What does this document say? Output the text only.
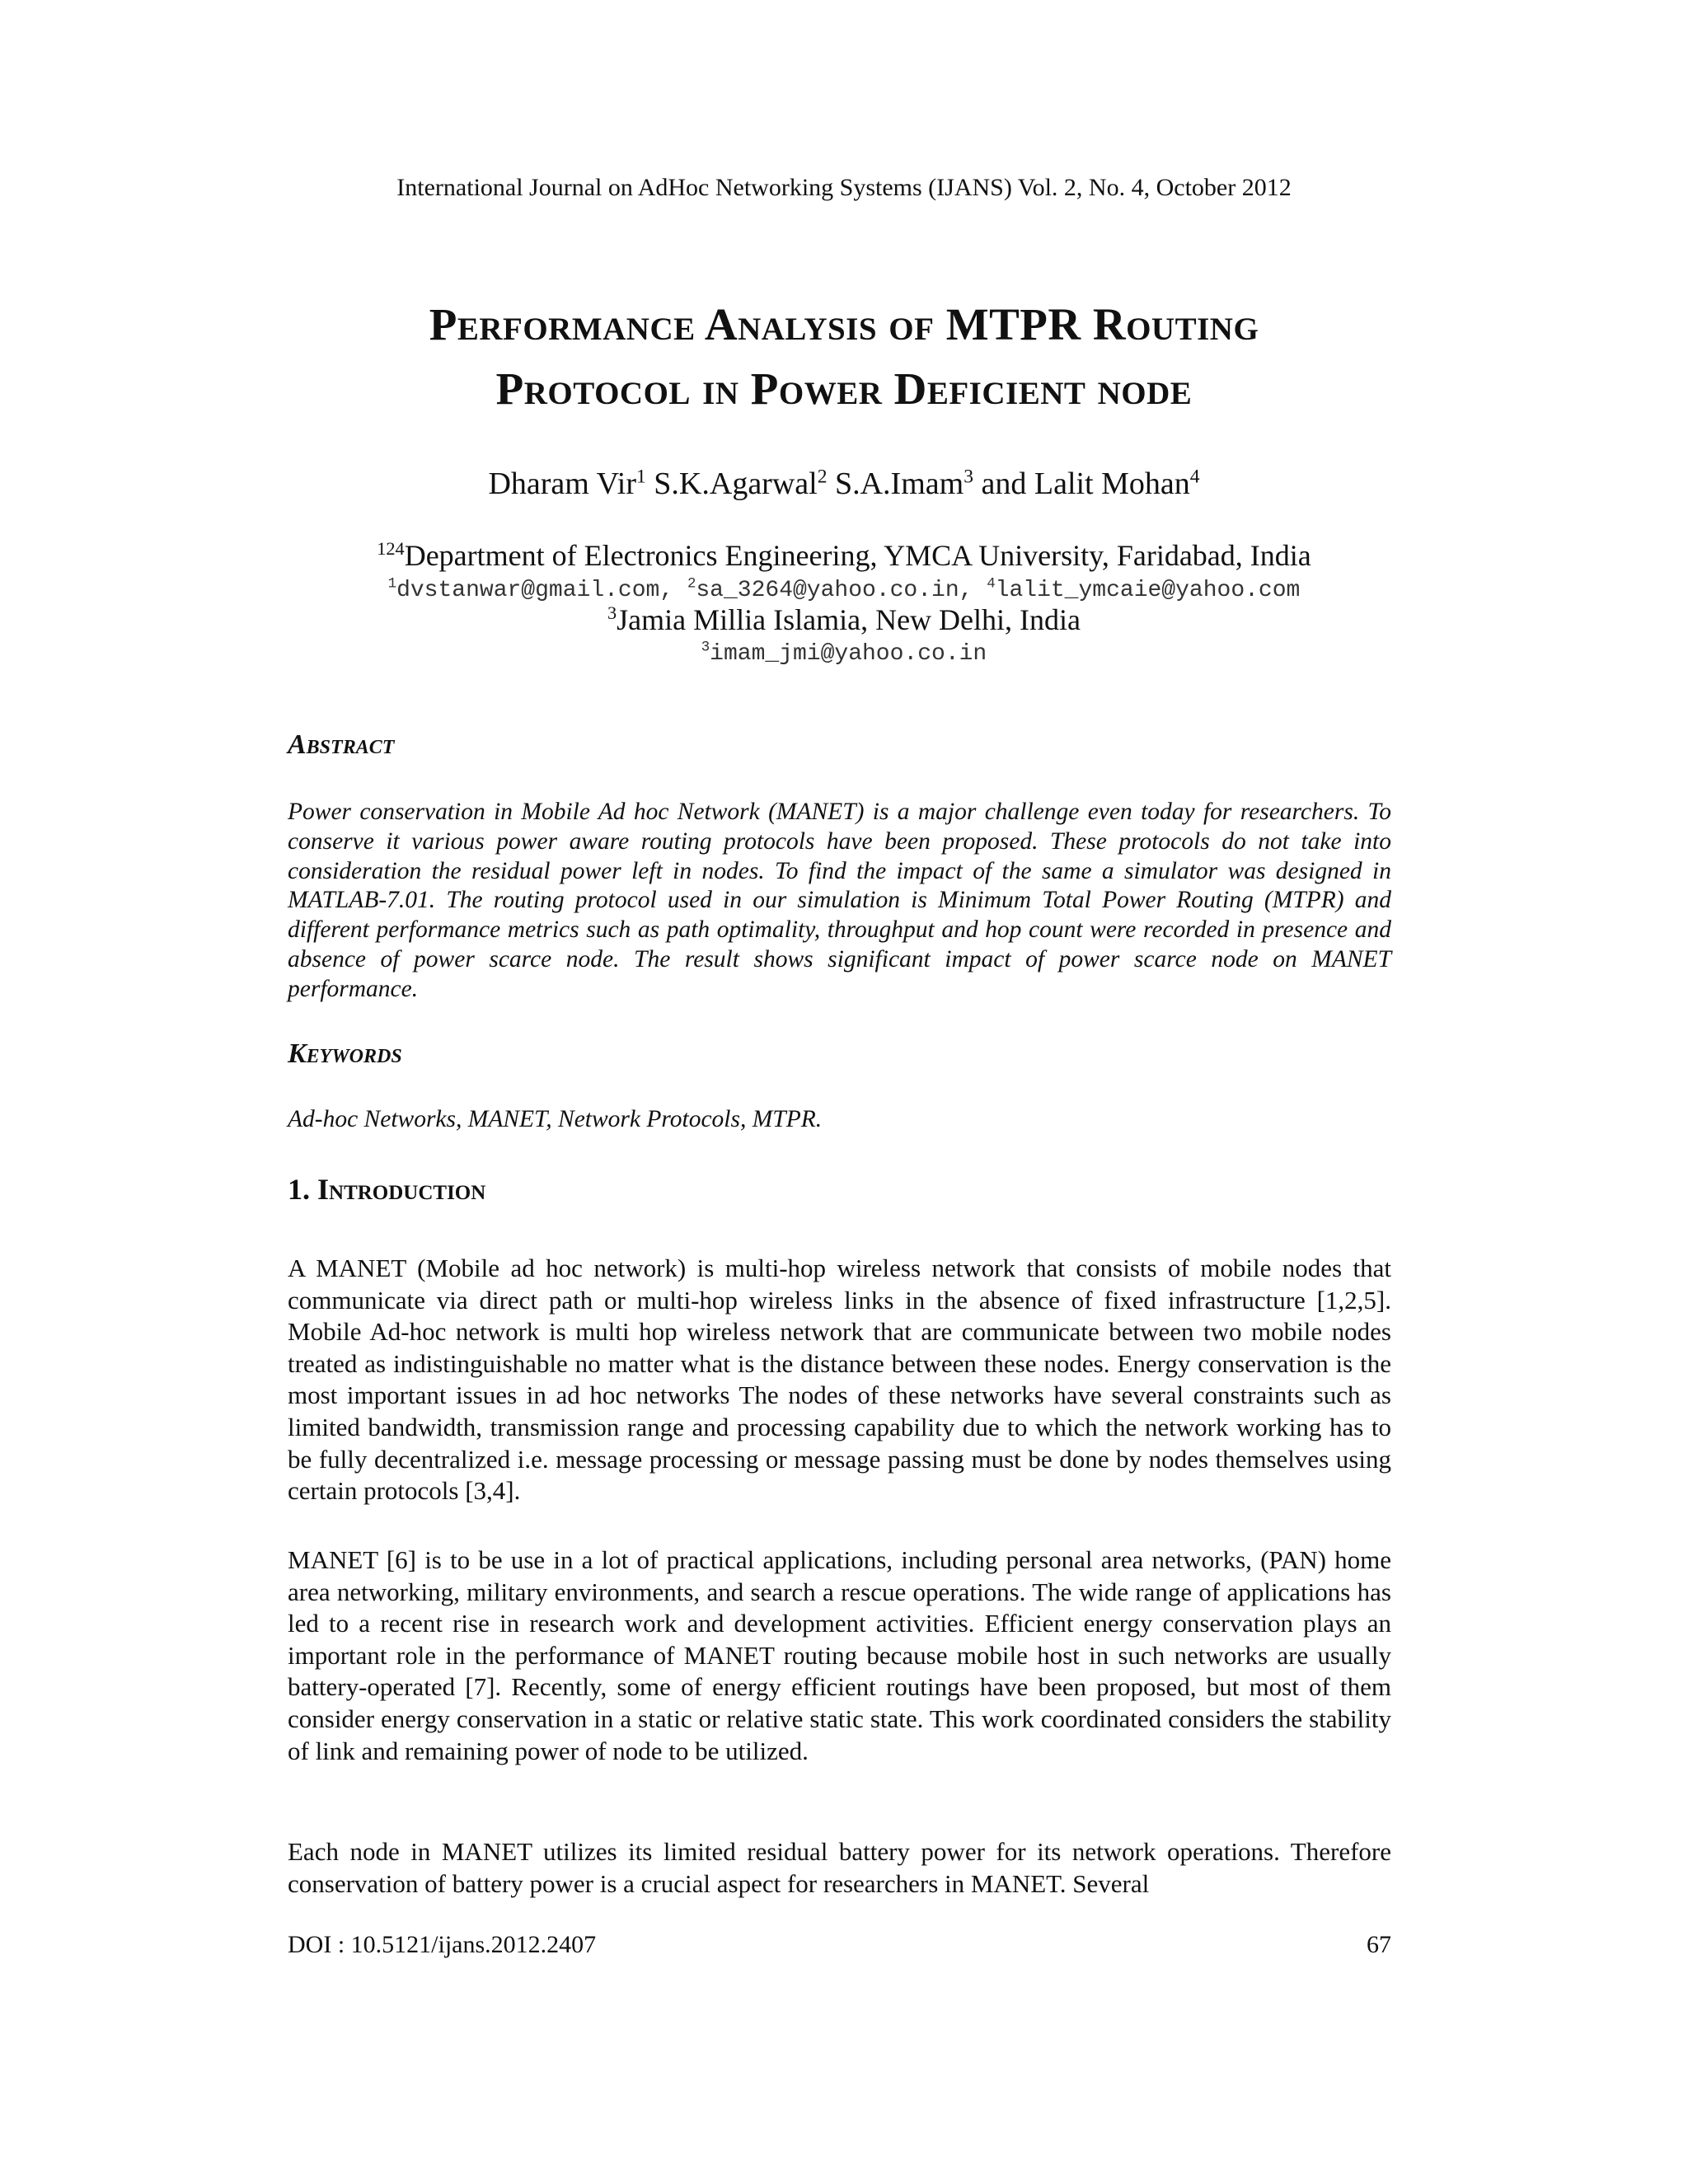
International Journal on AdHoc Networking Systems (IJANS) Vol. 2, No. 4, October 2012
Performance Analysis of MTPR Routing
Protocol in Power Deficient node
Dharam Vir$^1$ S.K.Agarwal$^2$ S.A.Imam$^3$ and Lalit Mohan$^4$
$^{124}$Department of Electronics Engineering, YMCA University, Faridabad, India
$^1$dvstanwar@gmail.com, $^2$sa_3264@yahoo.co.in, $^4$lalit_ymcaie@yahoo.com
$^3$Jamia Millia Islamia, New Delhi, India
$^3$imam_jmi@yahoo.co.in
Abstract
Power conservation in Mobile Ad hoc Network (MANET) is a major challenge even today for researchers. To conserve it various power aware routing protocols have been proposed. These protocols do not take into consideration the residual power left in nodes. To find the impact of the same a simulator was designed in MATLAB-7.01. The routing protocol used in our simulation is Minimum Total Power Routing (MTPR) and different performance metrics such as path optimality, throughput and hop count were recorded in presence and absence of power scarce node. The result shows significant impact of power scarce node on MANET performance.
Keywords
Ad-hoc Networks, MANET, Network Protocols, MTPR.
1. Introduction
A MANET (Mobile ad hoc network) is multi-hop wireless network that consists of mobile nodes that communicate via direct path or multi-hop wireless links in the absence of fixed infrastructure [1,2,5]. Mobile Ad-hoc network is multi hop wireless network that are communicate between two mobile nodes treated as indistinguishable no matter what is the distance between these nodes. Energy conservation is the most important issues in ad hoc networks The nodes of these networks have several constraints such as limited bandwidth, transmission range and processing capability due to which the network working has to be fully decentralized i.e. message processing or message passing must be done by nodes themselves using certain protocols [3,4].
MANET [6] is to be use in a lot of practical applications, including personal area networks, (PAN) home area networking, military environments, and search a rescue operations. The wide range of applications has led to a recent rise in research work and development activities. Efficient energy conservation plays an important role in the performance of MANET routing because mobile host in such networks are usually battery-operated [7]. Recently, some of energy efficient routings have been proposed, but most of them consider energy conservation in a static or relative static state. This work coordinated considers the stability of link and remaining power of node to be utilized.
Each node in MANET utilizes its limited residual battery power for its network operations. Therefore conservation of battery power is a crucial aspect for researchers in MANET. Several
DOI : 10.5121/ijans.2012.2407	67
